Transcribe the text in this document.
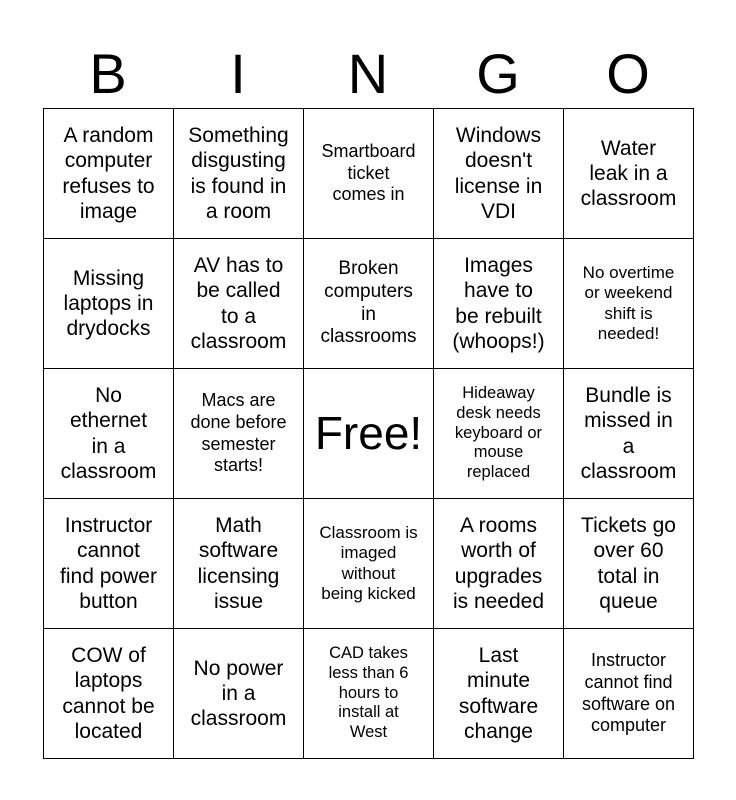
B	I	N	G	O
A random
computer
refuses to
image	Something
disgusting
is found in
a room	Smartboard
ticket
comes in	Windows
doesn't
license in
VDI	Water
leak in a
classroom
Missing
laptops in
drydocks	AV has to
be called
to a
classroom	Broken
computers
in
classrooms	Images
have to
be rebuilt
(whoops!)	No overtime
or weekend
shift is
needed!
No
ethernet
in a
classroom	Macs are
done before
semester
starts!	Free!	Hideaway
desk needs
keyboard or
mouse
replaced	Bundle is
missed in
a
classroom
Instructor
cannot
find power
button	Math
software
licensing
issue	Classroom is
imaged
without
being kicked	A rooms
worth of
upgrades
is needed	Tickets go
over 60
total in
queue
COW of
laptops
cannot be
located	No power
in a
classroom	CAD takes
less than 6
hours to
install at
West	Last
minute
software
change	Instructor
cannot find
software on
computer
